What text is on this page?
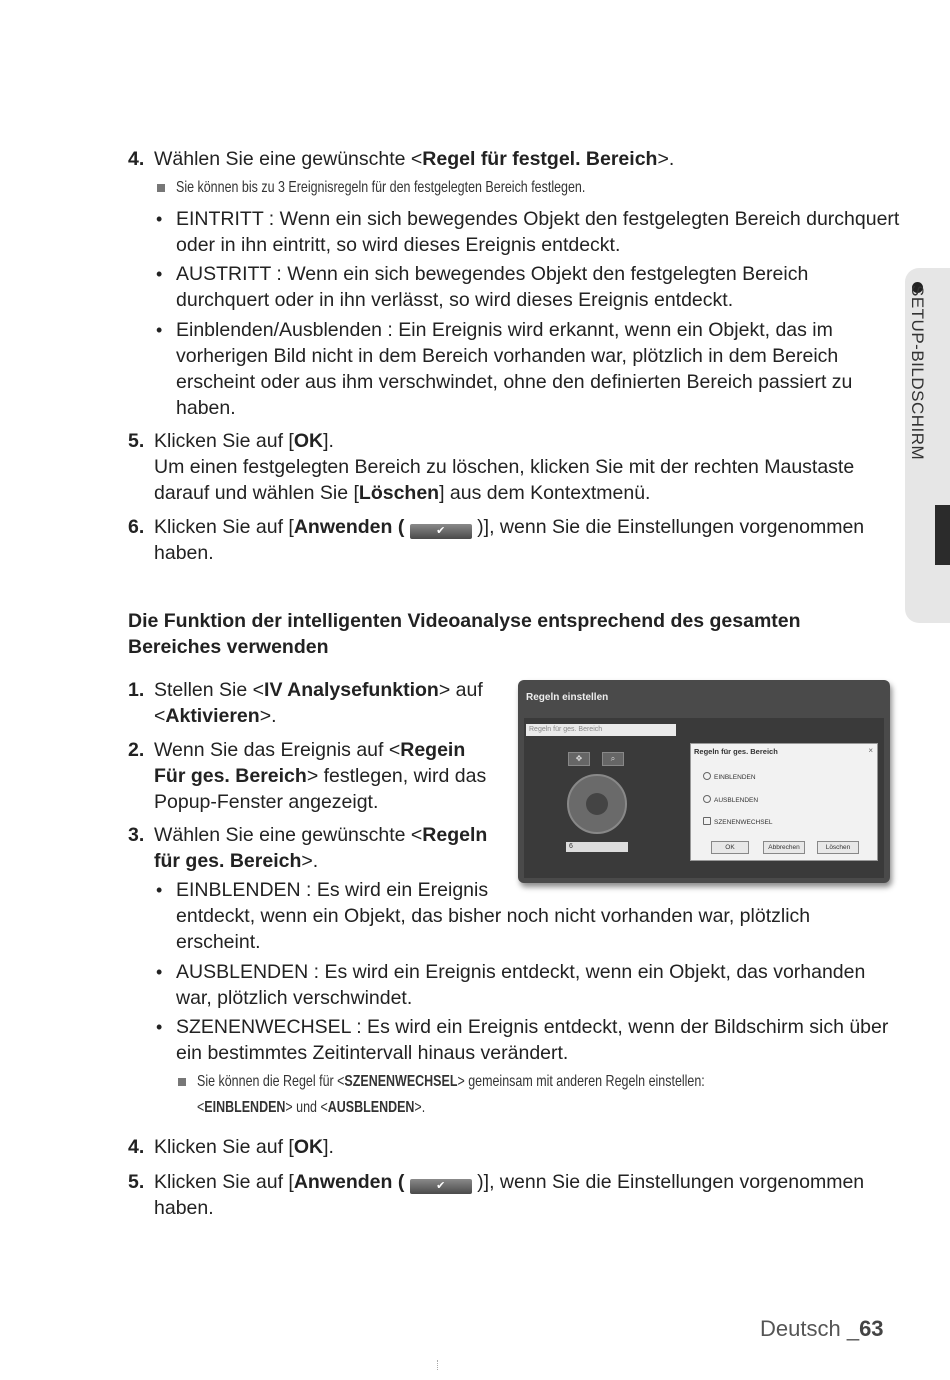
SETUP-BILDSCHIRM
4. Wählen Sie eine gewünschte <Regel für festgel. Bereich>.
Sie können bis zu 3 Ereignisregeln für den festgelegten Bereich festlegen.
• EINTRITT : Wenn ein sich bewegendes Objekt den festgelegten Bereich durchquert
oder in ihn eintritt, so wird dieses Ereignis entdeckt.
• AUSTRITT : Wenn ein sich bewegendes Objekt den festgelegten Bereich
durchquert oder in ihn verlässt, so wird dieses Ereignis entdeckt.
• Einblenden/Ausblenden : Ein Ereignis wird erkannt, wenn ein Objekt, das im
vorherigen Bild nicht in dem Bereich vorhanden war, plötzlich in dem Bereich
erscheint oder aus ihm verschwindet, ohne den definierten Bereich passiert zu
haben.
5. Klicken Sie auf [OK].
Um einen festgelegten Bereich zu löschen, klicken Sie mit der rechten Maustaste
darauf und wählen Sie [Löschen] aus dem Kontextmenü.
6. Klicken Sie auf [Anwenden (	✔ )], wenn Sie die Einstellungen vorgenommen
haben.
Die Funktion der intelligenten Videoanalyse entsprechend des gesamten
Bereiches verwenden
1. Stellen Sie <IV Analysefunktion> auf
<Aktivieren>.
2. Wenn Sie das Ereignis auf <Regein
Für ges. Bereich> festlegen, wird das
Popup-Fenster angezeigt.
3. Wählen Sie eine gewünschte <Regeln
für ges. Bereich>.
• EINBLENDEN : Es wird ein Ereignis
entdeckt, wenn ein Objekt, das bisher noch nicht vorhanden war, plötzlich
erscheint.
• AUSBLENDEN : Es wird ein Ereignis entdeckt, wenn ein Objekt, das vorhanden
war, plötzlich verschwindet.
• SZENENWECHSEL : Es wird ein Ereignis entdeckt, wenn der Bildschirm sich über
ein bestimmtes Zeitintervall hinaus verändert.
Sie können die Regel für <SZENENWECHSEL> gemeinsam mit anderen Regeln einstellen:
<EINBLENDEN> und <AUSBLENDEN>.
4. Klicken Sie auf [OK].
5. Klicken Sie auf [Anwenden (	✔ )], wenn Sie die Einstellungen vorgenommen
haben.
Regeln einstellen
Regeln für ges. Bereich
✥	⌕
6
Regeln für ges. Bereich	×
EINBLENDEN
AUSBLENDEN
SZENENWECHSEL
OK	Abbrechen	Löschen
Deutsch _63
